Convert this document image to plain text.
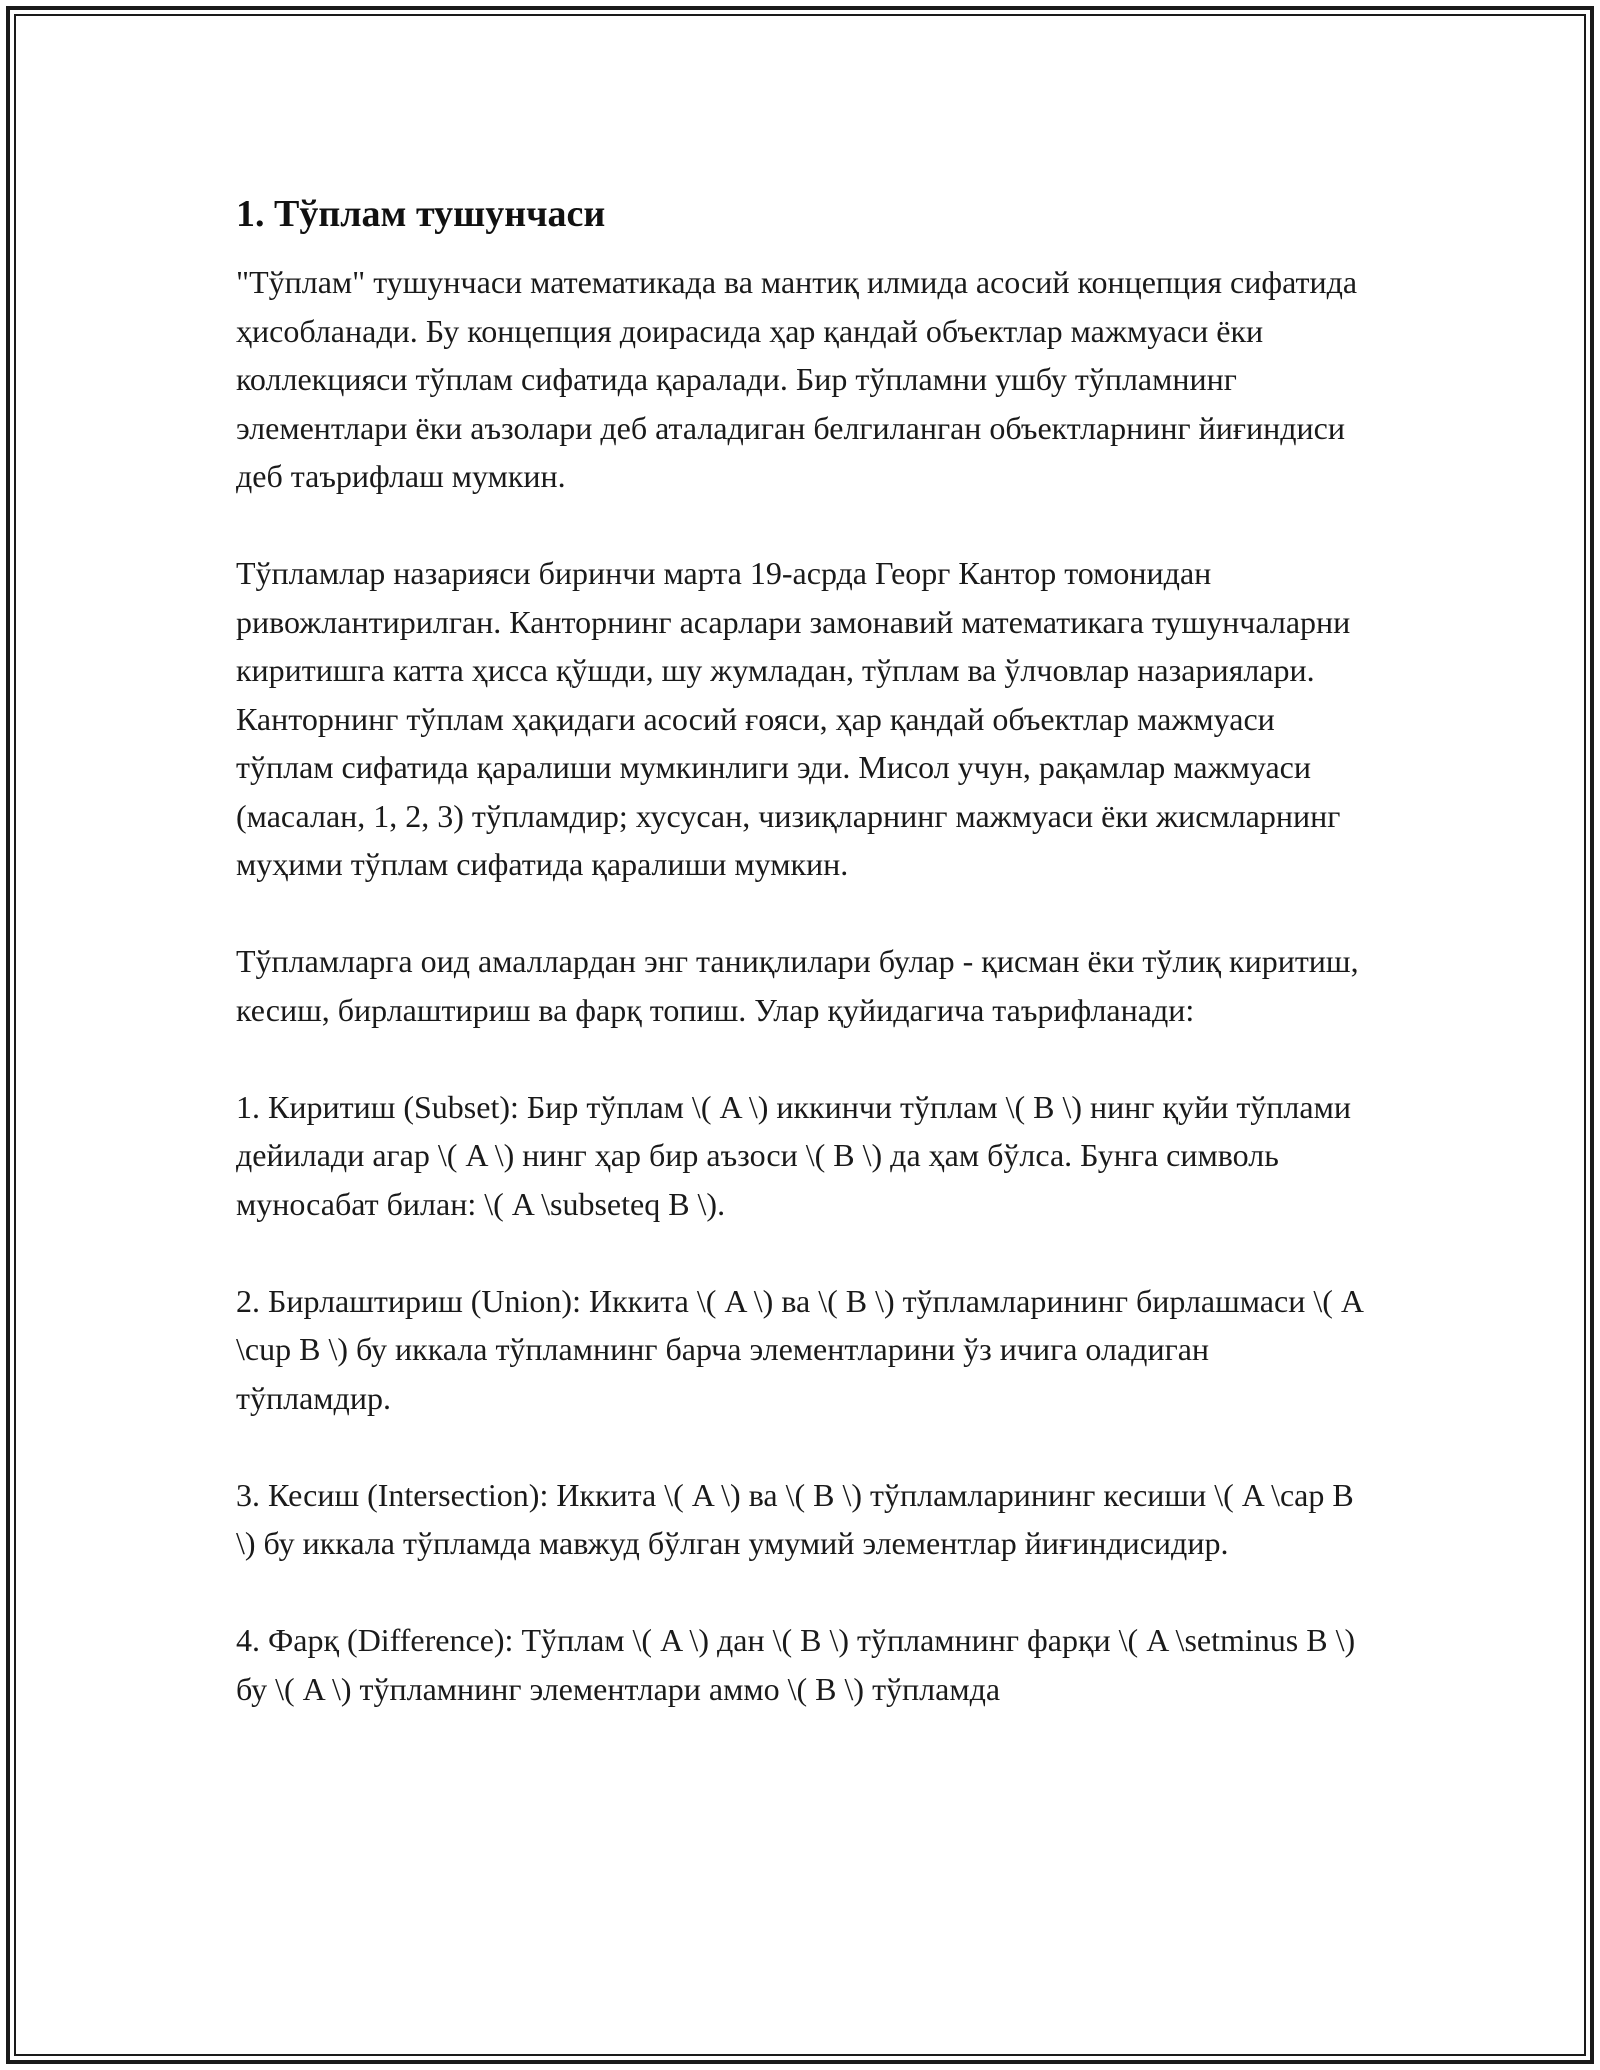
1. Тўплам тушунчаси

"Тўплам" тушунчаси математикада ва мантиқ илмида асосий концепция сифатида ҳисобланади. Бу концепция доирасида ҳар қандай объектлар мажмуаси ёки коллекцияси тўплам сифатида қаралади. Бир тўпламни ушбу тўпламнинг элементлари ёки аъзолари деб аталадиган белгиланган объектларнинг йиғиндиси деб таърифлаш мумкин.

Тўпламлар назарияси биринчи марта 19-асрда Георг Кантор томонидан ривожлантирилган. Канторнинг асарлари замонавий математикага тушунчаларни киритишга катта ҳисса қўшди, шу жумладан, тўплам ва ўлчовлар назариялари. Канторнинг тўплам ҳақидаги асосий ғояси, ҳар қандай объектлар мажмуаси тўплам сифатида қаралиши мумкинлиги эди. Мисол учун, рақамлар мажмуаси (масалан, 1, 2, 3) тўпламдир; хусусан, чизиқларнинг мажмуаси ёки жисмларнинг муҳими тўплам сифатида қаралиши мумкин.

Тўпламларга оид амаллардан энг таниқлилари булар - қисман ёки тўлиқ киритиш, кесиш, бирлаштириш ва фарқ топиш. Улар қуйидагича таърифланади:

1. Киритиш (Subset): Бир тўплам \( A \) иккинчи тўплам \( B \) нинг қуйи тўплами дейилади агар \( A \) нинг ҳар бир аъзоси \( B \) да ҳам бўлса. Бунга символь муносабат билан: \( A \subseteq B \).

2. Бирлаштириш (Union): Иккита \( A \) ва \( B \) тўпламларининг бирлашмаси \( A \cup B \) бу иккала тўпламнинг барча элементларини ўз ичига оладиган тўпламдир.

3. Кесиш (Intersection): Иккита \( A \) ва \( B \) тўпламларининг кесиши \( A \cap B \) бу иккала тўпламда мавжуд бўлган умумий элементлар йиғиндисидир.

4. Фарқ (Difference): Тўплам \( A \) дан \( B \) тўпламнинг фарқи \( A \setminus B \) бу \( A \) тўпламнинг элементлари аммо \( B \) тўпламда
